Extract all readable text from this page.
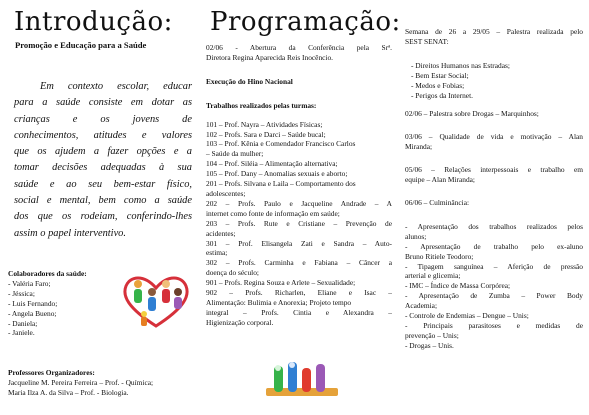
Introdução:
Promoção e Educação para a Saúde
Em contexto escolar, educar
para a saúde consiste em dotar as
crianças e os jovens de
conhecimentos, atitudes e valores
que os ajudem a fazer opções e a
tomar decisões adequadas à sua
saúde e ao seu bem-estar físico,
social e mental, bem como a saúde
dos que os rodeiam, conferindo-lhes
assim o papel interventivo.
Colaboradores da saúde:
- Valéria Faro;
- Jéssica;
- Luis Fernando;
- Angela Bueno;
- Daniela;
- Janiele.
Professores Organizadores:
Jacqueline M. Pereira Ferreira – Prof. - Química;
Maria Ilza A. da Silva – Prof. - Biologia.
Programação:
02/06 - Abertura da Conferência pela Srª.
Diretora Regina Aparecida Reis Inocêncio.
Execução do Hino Nacional
Trabalhos realizados pelas turmas:
101 – Prof. Nayra – Atividades Físicas;
102 – Profs. Sara e Darci – Saúde bucal;
103 – Prof. Kênia e Comendador Francisco Carlos
– Saúde da mulher;
104 – Prof. Siléia – Alimentação alternativa;
105 – Prof. Dany – Anomalias sexuais e aborto;
201 – Profs. Silvana e Laila – Comportamento dos
adolescentes;
202 – Profs. Paulo e Jacqueline Andrade – A
internet como fonte de informação em saúde;
203 – Profs. Rute e Cristiane – Prevenção de
acidentes;
301 – Prof. Elisangela Zati e Sandra – Auto-
estima;
302 – Profs. Carminha e Fabiana – Câncer a
doença do século;
901 – Profs. Regina Souza e Arlete – Sexualidade;
902 – Profs. Richarlen, Eliane e Isac –
Alimentação: Bulimia e Anorexia; Projeto tempo
integral – Profs. Cintia e Alexandra –
Higienização corporal.
Semana de 26 a 29/05 – Palestra realizada pelo
SEST SENAT:
- Direitos Humanos nas Estradas;
- Bem Estar Social;
- Medos e Fobias;
- Perigos da Internet.
02/06 – Palestra sobre Drogas – Marquinhos;
03/06 – Qualidade de vida e motivação – Alan
Miranda;
05/06 – Relações interpessoais e trabalho em
equipe – Alan Miranda;
06/06 – Culminância:
- Apresentação dos trabalhos realizados pelos
alunos;
- Apresentação de trabalho pelo ex-aluno
Bruno Ritiele Teodoro;
- Tipagem sanguínea – Aferição de pressão
arterial e glicemia;
- IMC – Índice de Massa Corpórea;
- Apresentação de Zumba – Power Body
Academia;
- Controle de Endemias – Dengue – Unis;
- Principais parasitoses e medidas de
prevenção – Unis;
- Drogas – Unis.
